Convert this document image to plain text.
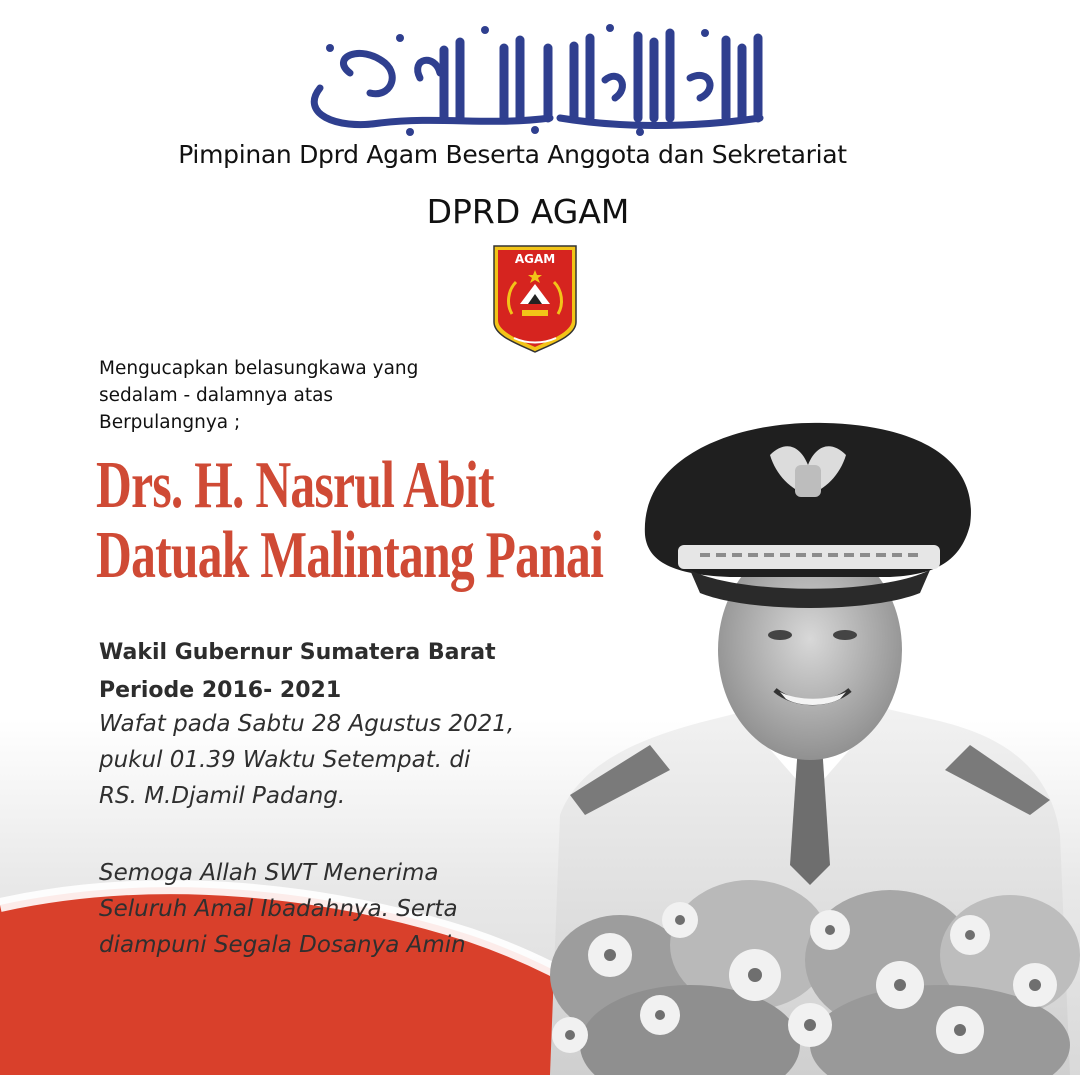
Pimpinan Dprd Agam Beserta Anggota dan Sekretariat
DPRD AGAM
AGAM
Mengucapkan belasungkawa yang
sedalam - dalamnya atas
Berpulangnya ;
Drs. H. Nasrul Abit
Datuak Malintang Panai
Wakil Gubernur Sumatera Barat
Periode 2016- 2021
Wafat pada Sabtu 28 Agustus 2021,
pukul 01.39 Waktu Setempat. di
RS. M.Djamil Padang.
Semoga Allah SWT Menerima
Seluruh Amal Ibadahnya. Serta
diampuni Segala Dosanya Amin
